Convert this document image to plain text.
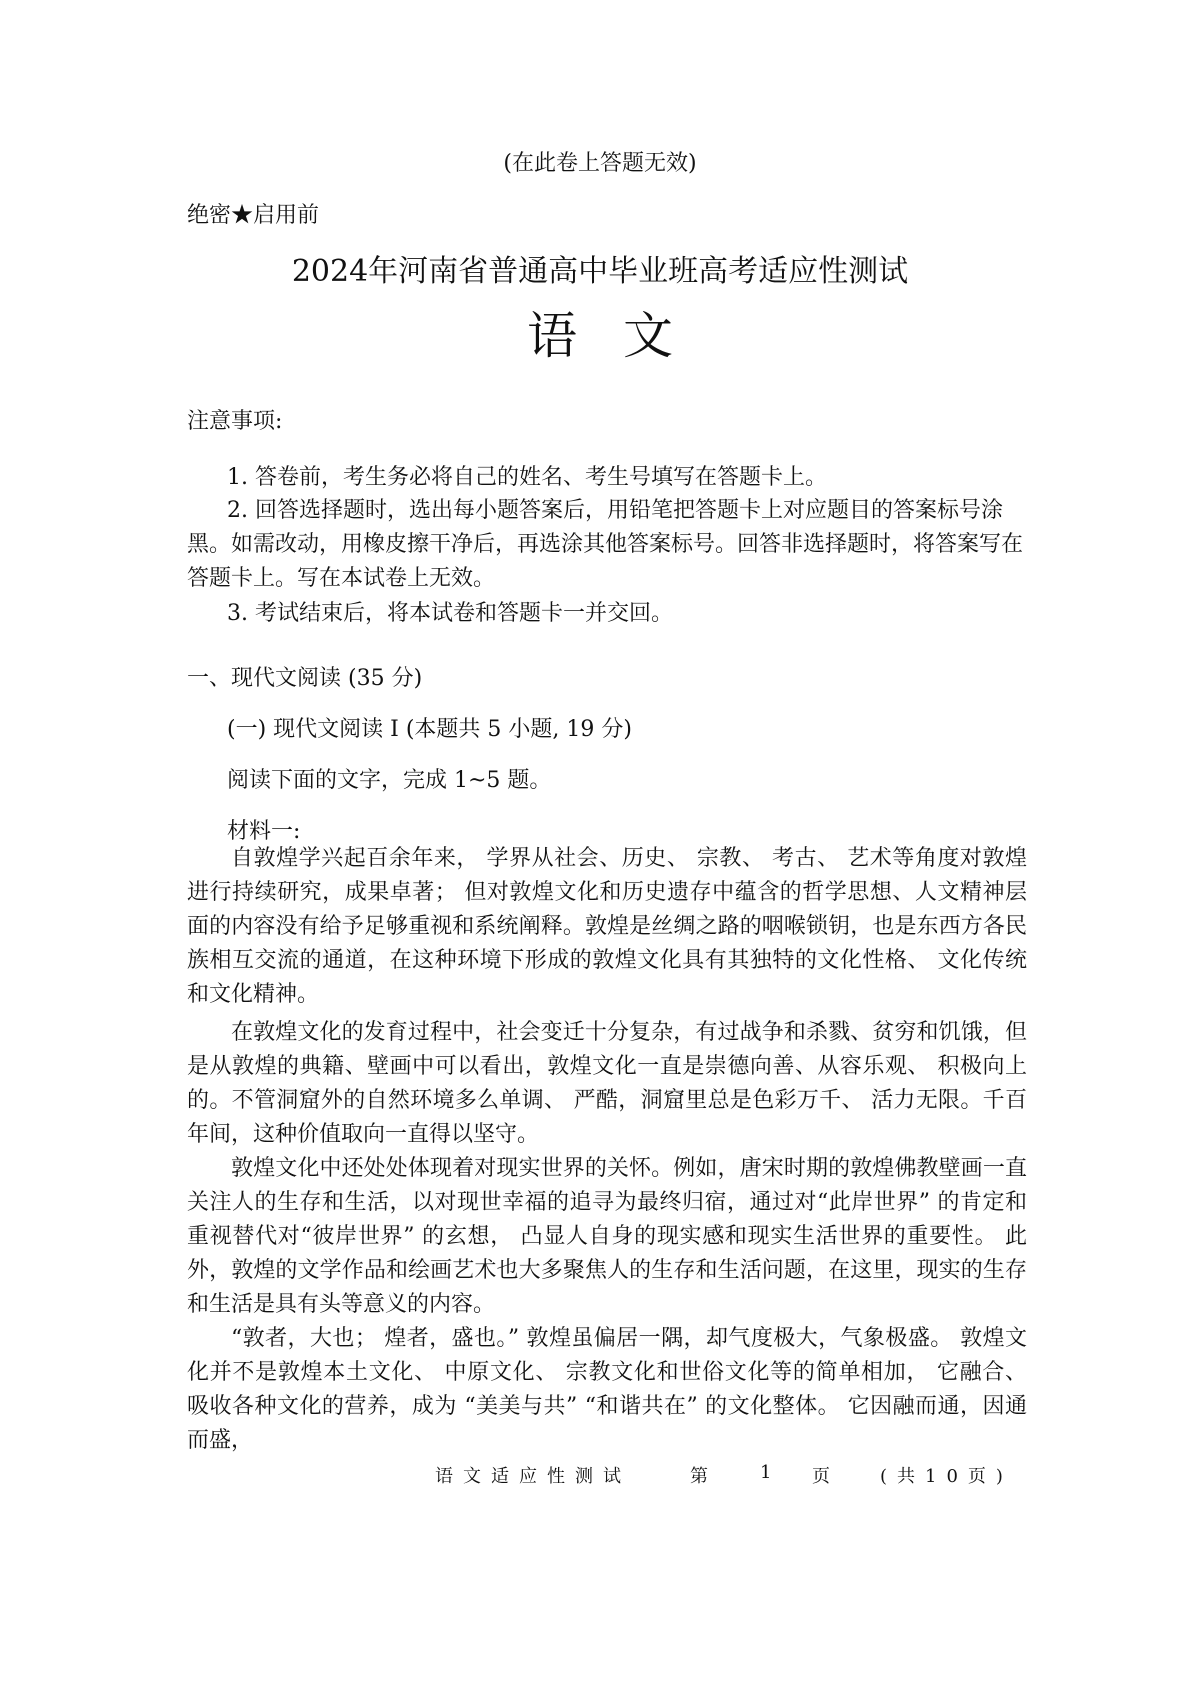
(在此卷上答题无效)
绝密★启用前
2024年河南省普通高中毕业班高考适应性测试
语文
注意事项:
1. 答卷前，考生务必将自己的姓名、考生号填写在答题卡上。
2. 回答选择题时，选出每小题答案后，用铅笔把答题卡上对应题目的答案标号涂黑。如需改动，用橡皮擦干净后，再选涂其他答案标号。回答非选择题时，将答案写在答题卡上。写在本试卷上无效。
3. 考试结束后，将本试卷和答题卡一并交回。
一、现代文阅读 (35 分)
(一) 现代文阅读 I (本题共 5 小题, 19 分)
阅读下面的文字，完成 1~5 题。
材料一:
自敦煌学兴起百余年来， 学界从社会、历史、 宗教、 考古、 艺术等角度对敦煌进行持续研究，成果卓著； 但对敦煌文化和历史遗存中蕴含的哲学思想、人文精神层面的内容没有给予足够重视和系统阐释。敦煌是丝绸之路的咽喉锁钥，也是东西方各民族相互交流的通道，在这种环境下形成的敦煌文化具有其独特的文化性格、 文化传统和文化精神。
在敦煌文化的发育过程中，社会变迁十分复杂，有过战争和杀戮、贫穷和饥饿，但是从敦煌的典籍、壁画中可以看出，敦煌文化一直是崇德向善、从容乐观、 积极向上的。不管洞窟外的自然环境多么单调、 严酷，洞窟里总是色彩万千、 活力无限。千百年间，这种价值取向一直得以坚守。
敦煌文化中还处处体现着对现实世界的关怀。例如，唐宋时期的敦煌佛教壁画一直关注人的生存和生活，以对现世幸福的追寻为最终归宿，通过对“此岸世界” 的肯定和重视替代对“彼岸世界” 的玄想， 凸显人自身的现实感和现实生活世界的重要性。 此外，敦煌的文学作品和绘画艺术也大多聚焦人的生存和生活问题，在这里，现实的生存和生活是具有头等意义的内容。
“敦者，大也； 煌者，盛也。” 敦煌虽偏居一隅，却气度极大，气象极盛。 敦煌文化并不是敦煌本土文化、 中原文化、 宗教文化和世俗文化等的简单相加， 它融合、 吸收各种文化的营养，成为 “美美与共” “和谐共在” 的文化整体。 它因融而通，因通而盛，
语文适应性测试	第 1 页 (共10页)
